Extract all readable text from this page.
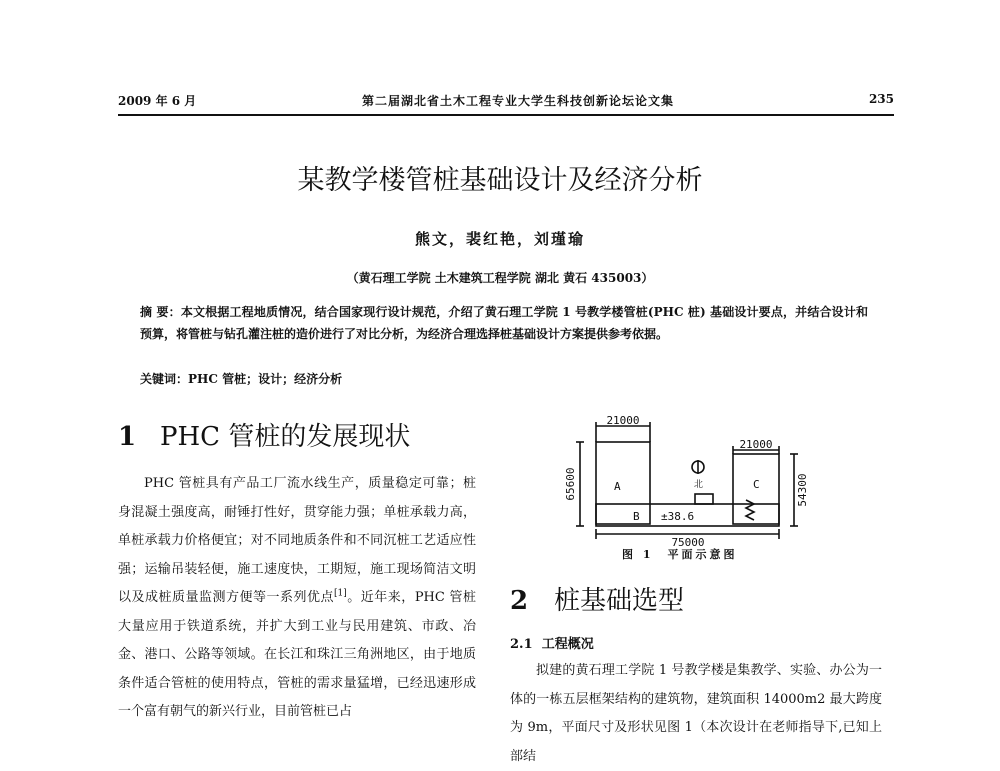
2009 年 6 月	第二届湖北省土木工程专业大学生科技创新论坛论文集	235
某教学楼管桩基础设计及经济分析
熊文，裴红艳，刘瑾瑜
（黄石理工学院 土木建筑工程学院 湖北 黄石 435003）
摘 要：本文根据工程地质情况，结合国家现行设计规范，介绍了黄石理工学院 1 号教学楼管桩(PHC 桩) 基础设计要点，并结合设计和预算，将管桩与钻孔灌注桩的造价进行了对比分析，为经济合理选择桩基础设计方案提供参考依据。
关键词：PHC 管桩；设计；经济分析
1 PHC 管桩的发展现状

PHC 管桩具有产品工厂流水线生产，质量稳定可靠；桩身混凝土强度高，耐锤打性好，贯穿能力强；单桩承载力高，单桩承载力价格便宜；对不同地质条件和不同沉桩工艺适应性强；运输吊装轻便，施工速度快，工期短，施工现场简洁文明以及成桩质量监测方便等一系列优点[1]。近年来，PHC 管桩大量应用于铁道系统，并扩大到工业与民用建筑、市政、冶金、港口、公路等领域。在长江和珠江三角洲地区，由于地质条件适合管桩的使用特点，管桩的需求量猛增，已经迅速形成一个富有朝气的新兴行业，目前管桩已占

21000
21000
75000
65600	54300
A	C
B ±38.6
北
图 1　平面示意图
2 桩基础选型
2.1 工程概况

拟建的黄石理工学院 1 号教学楼是集教学、实验、办公为一体的一栋五层框架结构的建筑物，建筑面积 14000m2 最大跨度为 9m，平面尺寸及形状见图 1（本次设计在老师指导下,已知上部结
